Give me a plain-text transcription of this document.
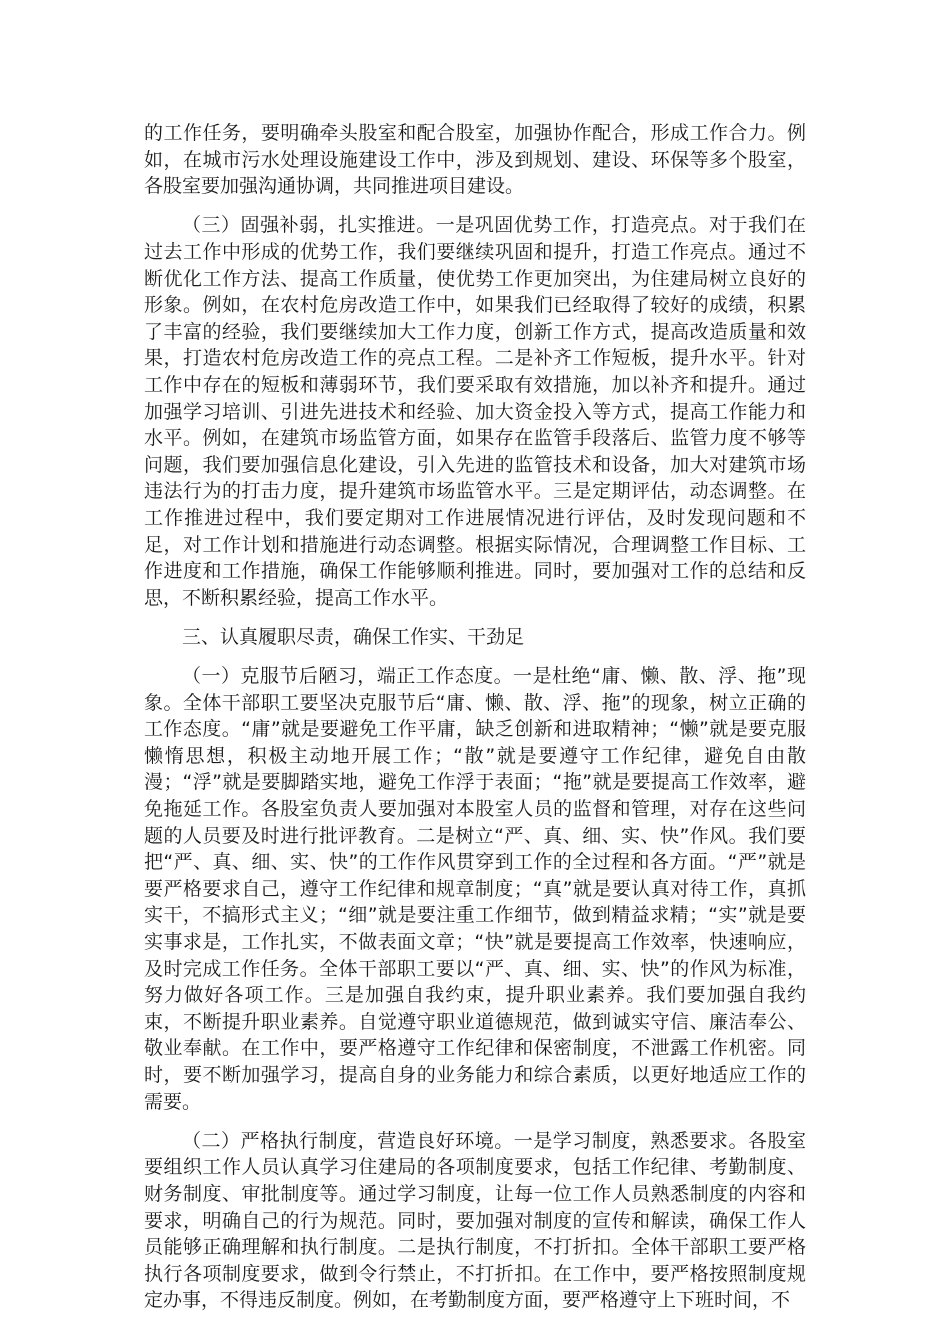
的工作任务，要明确牵头股室和配合股室，加强协作配合，形成工作合力。例如，在城市污水处理设施建设工作中，涉及到规划、建设、环保等多个股室，各股室要加强沟通协调，共同推进项目建设。

（三）固强补弱，扎实推进。一是巩固优势工作，打造亮点。对于我们在过去工作中形成的优势工作，我们要继续巩固和提升，打造工作亮点。通过不断优化工作方法、提高工作质量，使优势工作更加突出，为住建局树立良好的形象。例如，在农村危房改造工作中，如果我们已经取得了较好的成绩，积累了丰富的经验，我们要继续加大工作力度，创新工作方式，提高改造质量和效果，打造农村危房改造工作的亮点工程。二是补齐工作短板，提升水平。针对工作中存在的短板和薄弱环节，我们要采取有效措施，加以补齐和提升。通过加强学习培训、引进先进技术和经验、加大资金投入等方式，提高工作能力和水平。例如，在建筑市场监管方面，如果存在监管手段落后、监管力度不够等问题，我们要加强信息化建设，引入先进的监管技术和设备，加大对建筑市场违法行为的打击力度，提升建筑市场监管水平。三是定期评估，动态调整。在工作推进过程中，我们要定期对工作进展情况进行评估，及时发现问题和不足，对工作计划和措施进行动态调整。根据实际情况，合理调整工作目标、工作进度和工作措施，确保工作能够顺利推进。同时，要加强对工作的总结和反思，不断积累经验，提高工作水平。

三、认真履职尽责，确保工作实、干劲足

（一）克服节后陋习，端正工作态度。一是杜绝“庸、懒、散、浮、拖”现象。全体干部职工要坚决克服节后“庸、懒、散、浮、拖”的现象，树立正确的工作态度。“庸”就是要避免工作平庸，缺乏创新和进取精神；“懒”就是要克服懒惰思想，积极主动地开展工作；“散”就是要遵守工作纪律，避免自由散漫；“浮”就是要脚踏实地，避免工作浮于表面；“拖”就是要提高工作效率，避免拖延工作。各股室负责人要加强对本股室人员的监督和管理，对存在这些问题的人员要及时进行批评教育。二是树立“严、真、细、实、快”作风。我们要把“严、真、细、实、快”的工作作风贯穿到工作的全过程和各方面。“严”就是要严格要求自己，遵守工作纪律和规章制度；“真”就是要认真对待工作，真抓实干，不搞形式主义；“细”就是要注重工作细节，做到精益求精；“实”就是要实事求是，工作扎实，不做表面文章；“快”就是要提高工作效率，快速响应，及时完成工作任务。全体干部职工要以“严、真、细、实、快”的作风为标准，努力做好各项工作。三是加强自我约束，提升职业素养。我们要加强自我约束，不断提升职业素养。自觉遵守职业道德规范，做到诚实守信、廉洁奉公、敬业奉献。在工作中，要严格遵守工作纪律和保密制度，不泄露工作机密。同时，要不断加强学习，提高自身的业务能力和综合素质，以更好地适应工作的需要。

（二）严格执行制度，营造良好环境。一是学习制度，熟悉要求。各股室要组织工作人员认真学习住建局的各项制度要求，包括工作纪律、考勤制度、财务制度、审批制度等。通过学习制度，让每一位工作人员熟悉制度的内容和要求，明确自己的行为规范。同时，要加强对制度的宣传和解读，确保工作人员能够正确理解和执行制度。二是执行制度，不打折扣。全体干部职工要严格执行各项制度要求，做到令行禁止，不打折扣。在工作中，要严格按照制度规定办事，不得违反制度。例如，在考勤制度方面，要严格遵守上下班时间，不
